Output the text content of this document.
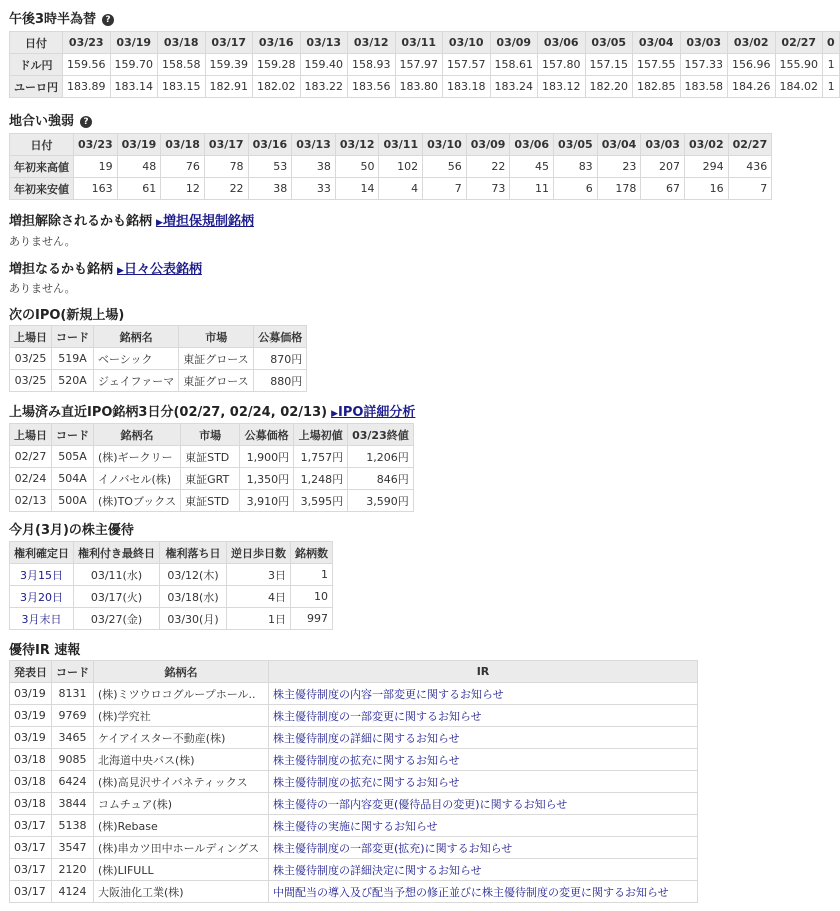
午後3時半為替 ?
日付	03/23	03/19	03/18	03/17	03/16	03/13	03/12	03/11	03/10	03/09	03/06	03/05	03/04	03/03	03/02	02/27	0
ドル円	159.56	159.70	158.58	159.39	159.28	159.40	158.93	157.97	157.57	158.61	157.80	157.15	157.55	157.33	156.96	155.90	1
ユーロ円	183.89	183.14	183.15	182.91	182.02	183.22	183.56	183.80	183.18	183.24	183.12	182.20	182.85	183.58	184.26	184.02	1
地合い強弱 ?
日付	03/23	03/19	03/18	03/17	03/16	03/13	03/12	03/11	03/10	03/09	03/06	03/05	03/04	03/03	03/02	02/27
年初来高値	19	48	76	78	53	38	50	102	56	22	45	83	23	207	294	436
年初来安値	163	61	12	22	38	33	14	4	7	73	11	6	178	67	16	7
増担解除されるかも銘柄 ▶増担保規制銘柄
ありません。
増担なるかも銘柄 ▶日々公表銘柄
ありません。
次のIPO(新規上場)
上場日	コード	銘柄名	市場	公募価格
03/25	519A	ベーシック	東証グロース	870円
03/25	520A	ジェイファーマ	東証グロース	880円
上場済み直近IPO銘柄3日分(02/27, 02/24, 02/13) ▶IPO詳細分析
上場日	コード	銘柄名	市場	公募価格	上場初値	03/23終値
02/27	505A	(株)ギークリー	東証STD	1,900円	1,757円	1,206円
02/24	504A	イノバセル(株)	東証GRT	1,350円	1,248円	846円
02/13	500A	(株)TOブックス	東証STD	3,910円	3,595円	3,590円
今月(3月)の株主優待
権利確定日	権利付き最終日	権利落ち日	逆日歩日数	銘柄数
3月15日	03/11(水)	03/12(木)	3日	1
3月20日	03/17(火)	03/18(水)	4日	10
3月末日	03/27(金)	03/30(月)	1日	997
優待IR 速報
発表日	コード	銘柄名	IR
03/19	8131	(株)ミツウロコグループホール..	株主優待制度の内容一部変更に関するお知らせ
03/19	9769	(株)学究社	株主優待制度の一部変更に関するお知らせ
03/19	3465	ケイアイスター不動産(株)	株主優待制度の詳細に関するお知らせ
03/18	9085	北海道中央バス(株)	株主優待制度の拡充に関するお知らせ
03/18	6424	(株)高見沢サイバネティックス	株主優待制度の拡充に関するお知らせ
03/18	3844	コムチュア(株)	株主優待の一部内容変更(優待品目の変更)に関するお知らせ
03/17	5138	(株)Rebase	株主優待の実施に関するお知らせ
03/17	3547	(株)串カツ田中ホールディングス	株主優待制度の一部変更(拡充)に関するお知らせ
03/17	2120	(株)LIFULL	株主優待制度の詳細決定に関するお知らせ
03/17	4124	大阪油化工業(株)	中間配当の導入及び配当予想の修正並びに株主優待制度の変更に関するお知らせ
